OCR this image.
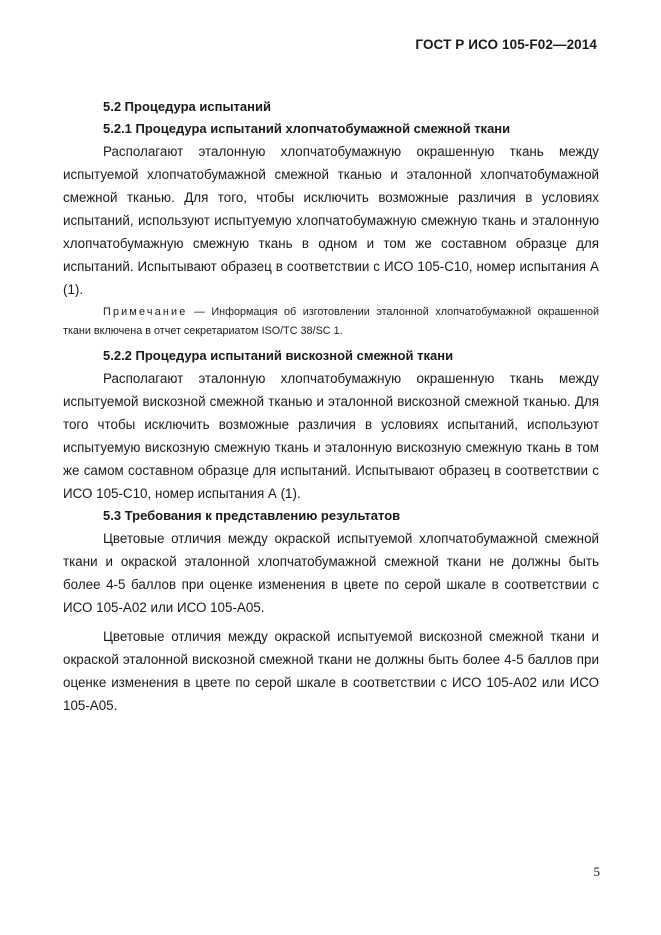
ГОСТ Р ИСО 105-F02—2014
5.2 Процедура испытаний
5.2.1 Процедура испытаний хлопчатобумажной смежной ткани

Располагают эталонную хлопчатобумажную окрашенную ткань между испытуемой хлопчатобумажной смежной тканью и эталонной хлопчатобумажной смежной тканью. Для того, чтобы исключить возможные различия в условиях испытаний, используют испытуемую хлопчатобумажную смежную ткань и эталонную хлопчатобумажную смежную ткань в одном и том же составном образце для испытаний. Испытывают образец в соответствии с ИСО 105-С10, номер испытания А (1).

Примечание — Информация об изготовлении эталонной хлопчатобумажной окрашенной ткани включена в отчет секретариатом ISO/TC 38/SC 1.

5.2.2 Процедура испытаний вискозной смежной ткани

Располагают эталонную хлопчатобумажную окрашенную ткань между испытуемой вискозной смежной тканью и эталонной вискозной смежной тканью. Для того чтобы исключить возможные различия в условиях испытаний, используют испытуемую вискозную смежную ткань и эталонную вискозную смежную ткань в том же самом составном образце для испытаний. Испытывают образец в соответствии с ИСО 105-С10, номер испытания А (1).

5.3 Требования к представлению результатов

Цветовые отличия между окраской испытуемой хлопчатобумажной смежной ткани и окраской эталонной хлопчатобумажной смежной ткани не должны быть более 4-5 баллов при оценке изменения в цвете по серой шкале в соответствии с ИСО 105-А02 или ИСО 105-А05.

Цветовые отличия между окраской испытуемой вискозной смежной ткани и окраской эталонной вискозной смежной ткани не должны быть более 4-5 баллов при оценке изменения в цвете по серой шкале в соответствии с ИСО 105-А02 или ИСО 105-А05.

5
